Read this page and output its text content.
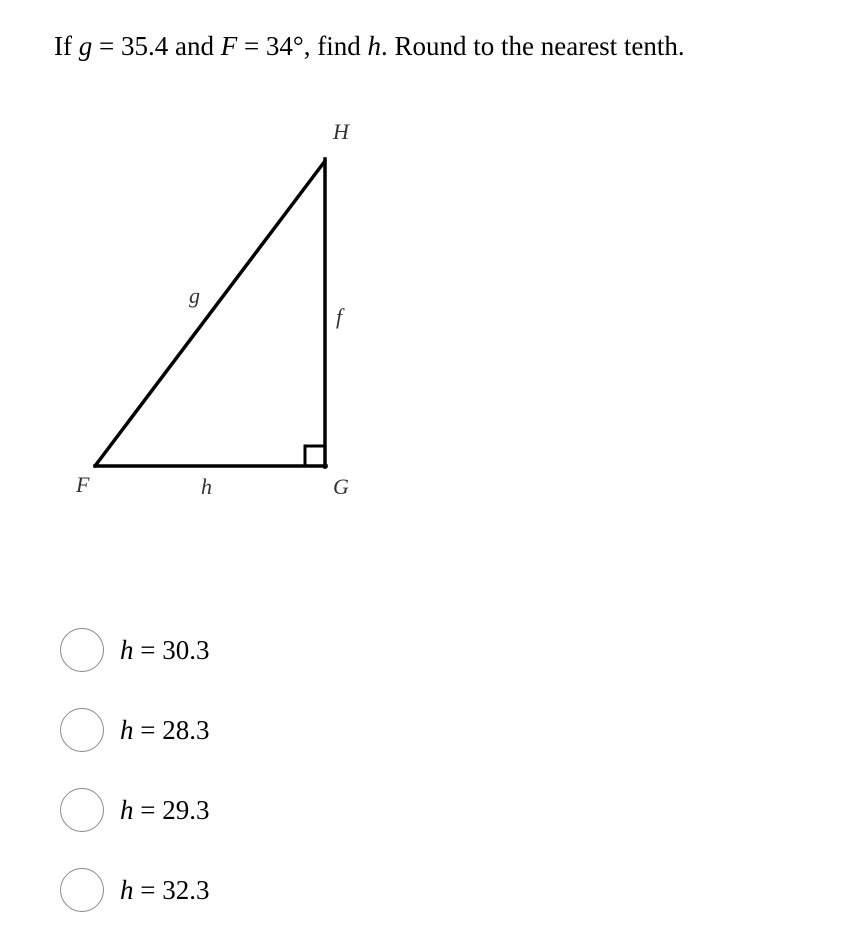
If g = 35.4 and F = 34°, find h. Round to the nearest tenth.
H
F	G
g
f
h
h = 30.3
h = 28.3
h = 29.3
h = 32.3
